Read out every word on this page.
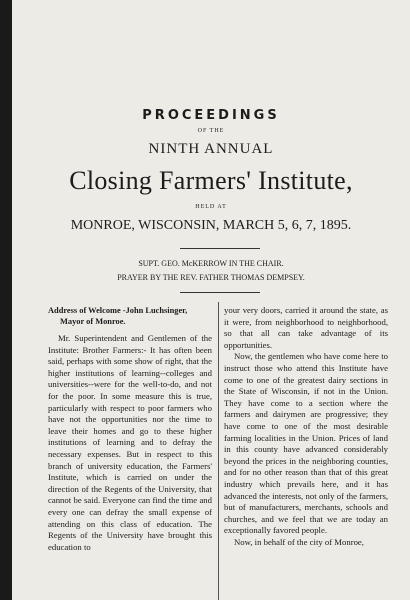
PROCEEDINGS
OF THE
NINTH ANNUAL
Closing Farmers' Institute,
HELD AT
MONROE, WISCONSIN, MARCH 5, 6, 7, 1895.
SUPT. GEO. McKERROW IN THE CHAIR.
PRAYER BY THE REV. FATHER THOMAS DEMPSEY.

Address of Welcome -John Luchsinger,
Mayor of Monroe.

Mr. Superintendent and Gentlemen of the Institute: Brother Farmers:- It has often been said, perhaps with some show of right, that the higher institutions of learning--colleges and universities--were for the well-to-do, and not for the poor. In some measure this is true, particularly with respect to poor farmers who have not the opportunities nor the time to leave their homes and go to these higher institutions of learning and to defray the necessary expenses. But in respect to this branch of university education, the Farmers' Institute, which is carried on under the direction of the Regents of the University, that cannot be said. Everyone can find the time and every one can defray the small expense of attending on this class of education. The Regents of the University have brought this education to

your very doors, carried it around the state, as it were, from neighborhood to neighborhood, so that all can take advantage of its opportunities.

Now, the gentlemen who have come here to instruct those who attend this Institute have come to one of the greatest dairy sections in the State of Wisconsin, if not in the Union. They have come to a section where the farmers and dairymen are progressive; they have come to one of the most desirable farming localities in the Union. Prices of land in this county have advanced considerably beyond the prices in the neighboring counties, and for no other reason than that of this great industry which prevails here, and it has advanced the interests, not only of the farmers, but of manufacturers, merchants, schools and churches, and we feel that we are today an exceptionally favored people.

Now, in behalf of the city of Monroe,
